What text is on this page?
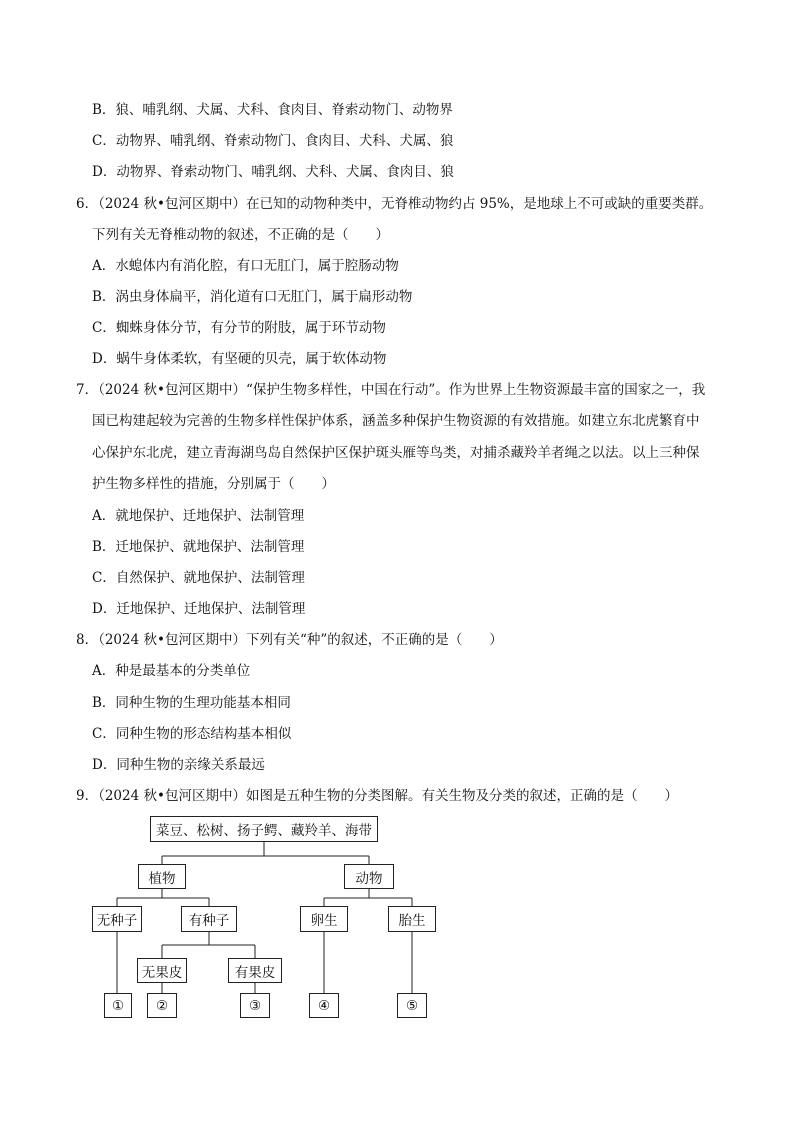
B．狼、哺乳纲、犬属、犬科、食肉目、脊索动物门、动物界
C．动物界、哺乳纲、脊索动物门、食肉目、犬科、犬属、狼
D．动物界、脊索动物门、哺乳纲、犬科、犬属、食肉目、狼
6．（2024 秋•包河区期中）在已知的动物种类中，无脊椎动物约占 95%，是地球上不可或缺的重要类群。
下列有关无脊椎动物的叙述，不正确的是（　　）
A．水螅体内有消化腔，有口无肛门，属于腔肠动物
B．涡虫身体扁平，消化道有口无肛门，属于扁形动物
C．蜘蛛身体分节，有分节的附肢，属于环节动物
D．蜗牛身体柔软，有坚硬的贝壳，属于软体动物
7．（2024 秋•包河区期中）“保护生物多样性，中国在行动”。作为世界上生物资源最丰富的国家之一，我
国已构建起较为完善的生物多样性保护体系，涵盖多种保护生物资源的有效措施。如建立东北虎繁育中
心保护东北虎，建立青海湖鸟岛自然保护区保护斑头雁等鸟类，对捕杀藏羚羊者绳之以法。以上三种保
护生物多样性的措施，分别属于（　　）
A．就地保护、迁地保护、法制管理
B．迁地保护、就地保护、法制管理
C．自然保护、就地保护、法制管理
D．迁地保护、迁地保护、法制管理
8．（2024 秋•包河区期中）下列有关“种”的叙述，不正确的是（　　）
A．种是最基本的分类单位
B．同种生物的生理功能基本相同
C．同种生物的形态结构基本相似
D．同种生物的亲缘关系最远
9．（2024 秋•包河区期中）如图是五种生物的分类图解。有关生物及分类的叙述，正确的是（　　）
菜豆、松树、扬子鳄、藏羚羊、海带
植物	动物
无种子	有种子	卵生	胎生
无果皮	有果皮
①	②	③	④	⑤
